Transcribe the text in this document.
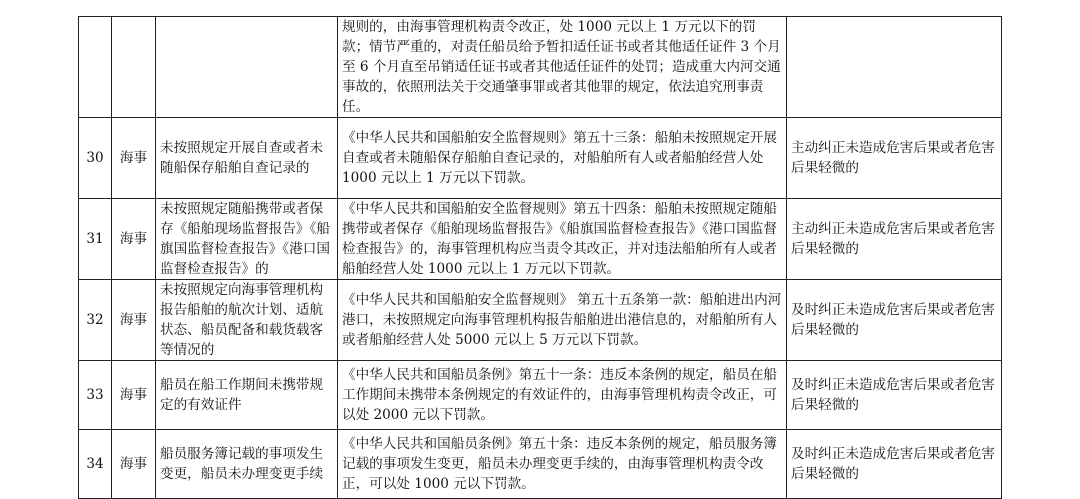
			规则的，由海事管理机构责令改正，处 1000 元以上 1 万元以下的罚款；情节严重的，对责任船员给予暂扣适任证书或者其他适任证件 3 个月至 6 个月直至吊销适任证书或者其他适任证件的处罚；造成重大内河交通事故的，依照刑法关于交通肇事罪或者其他罪的规定，依法追究刑事责任。	
30	海事	未按照规定开展自查或者未随船保存船舶自查记录的	《中华人民共和国船舶安全监督规则》第五十三条：船舶未按照规定开展自查或者未随船保存船舶自查记录的，对船舶所有人或者船舶经营人处 1000 元以上 1 万元以下罚款。	主动纠正未造成危害后果或者危害后果轻微的
31	海事	未按照规定随船携带或者保存《船舶现场监督报告》《船旗国监督检查报告》《港口国监督检查报告》的	《中华人民共和国船舶安全监督规则》第五十四条：船舶未按照规定随船携带或者保存《船舶现场监督报告》《船旗国监督检查报告》《港口国监督检查报告》的，海事管理机构应当责令其改正，并对违法船舶所有人或者船舶经营人处 1000 元以上 1 万元以下罚款。	主动纠正未造成危害后果或者危害后果轻微的
32	海事	未按照规定向海事管理机构报告船舶的航次计划、适航状态、船员配备和载货载客等情况的	《中华人民共和国船舶安全监督规则》 第五十五条第一款：船舶进出内河港口，未按照规定向海事管理机构报告船舶进出港信息的，对船舶所有人或者船舶经营人处 5000 元以上 5 万元以下罚款。	及时纠正未造成危害后果或者危害后果轻微的
33	海事	船员在船工作期间未携带规定的有效证件	《中华人民共和国船员条例》第五十一条：违反本条例的规定，船员在船工作期间未携带本条例规定的有效证件的，由海事管理机构责令改正，可以处 2000 元以下罚款。	及时纠正未造成危害后果或者危害后果轻微的
34	海事	船员服务簿记载的事项发生变更，船员未办理变更手续	《中华人民共和国船员条例》第五十条：违反本条例的规定，船员服务簿记载的事项发生变更，船员未办理变更手续的，由海事管理机构责令改正，可以处 1000 元以下罚款。	及时纠正未造成危害后果或者危害后果轻微的
